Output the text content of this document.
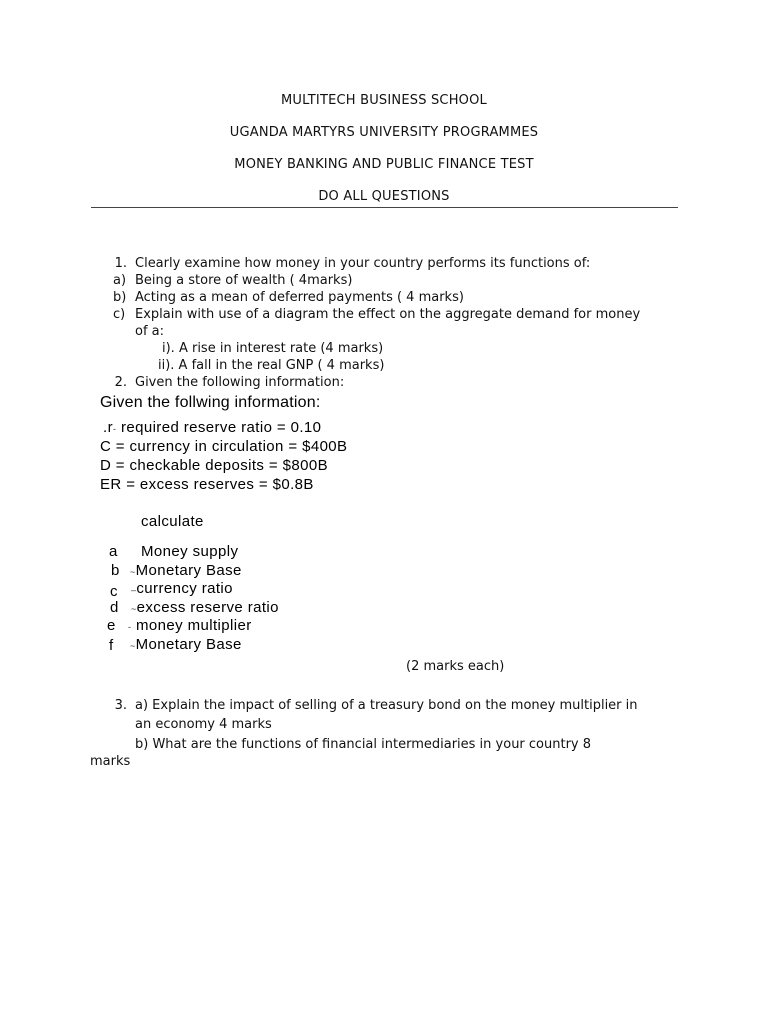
MULTITECH BUSINESS SCHOOL
UGANDA MARTYRS UNIVERSITY PROGRAMMES
MONEY BANKING AND PUBLIC FINANCE TEST
DO ALL QUESTIONS
1. Clearly examine how money in your country performs its functions of:
a) Being a store of wealth ( 4marks)
b) Acting as a mean of deferred payments ( 4 marks)
c) Explain with use of a diagram the effect on the aggregate demand for money
of a:
i). A rise in interest rate (4 marks)
ii). A fall in the real GNP ( 4 marks)
2. Given the following information:
Given the follwing information:
.r- required reserve ratio = 0.10
C = currency in circulation = $400B
D = checkable deposits = $800B
ER = excess reserves = $0.8B
calculate
a Money supply
b ~Monetary Base
c –currency ratio
d ~excess reserve ratio
e - money multiplier
f ~Monetary Base
(2 marks each)
3. a) Explain the impact of selling of a treasury bond on the money multiplier in
an economy 4 marks
b) What are the functions of financial intermediaries in your country 8
marks
